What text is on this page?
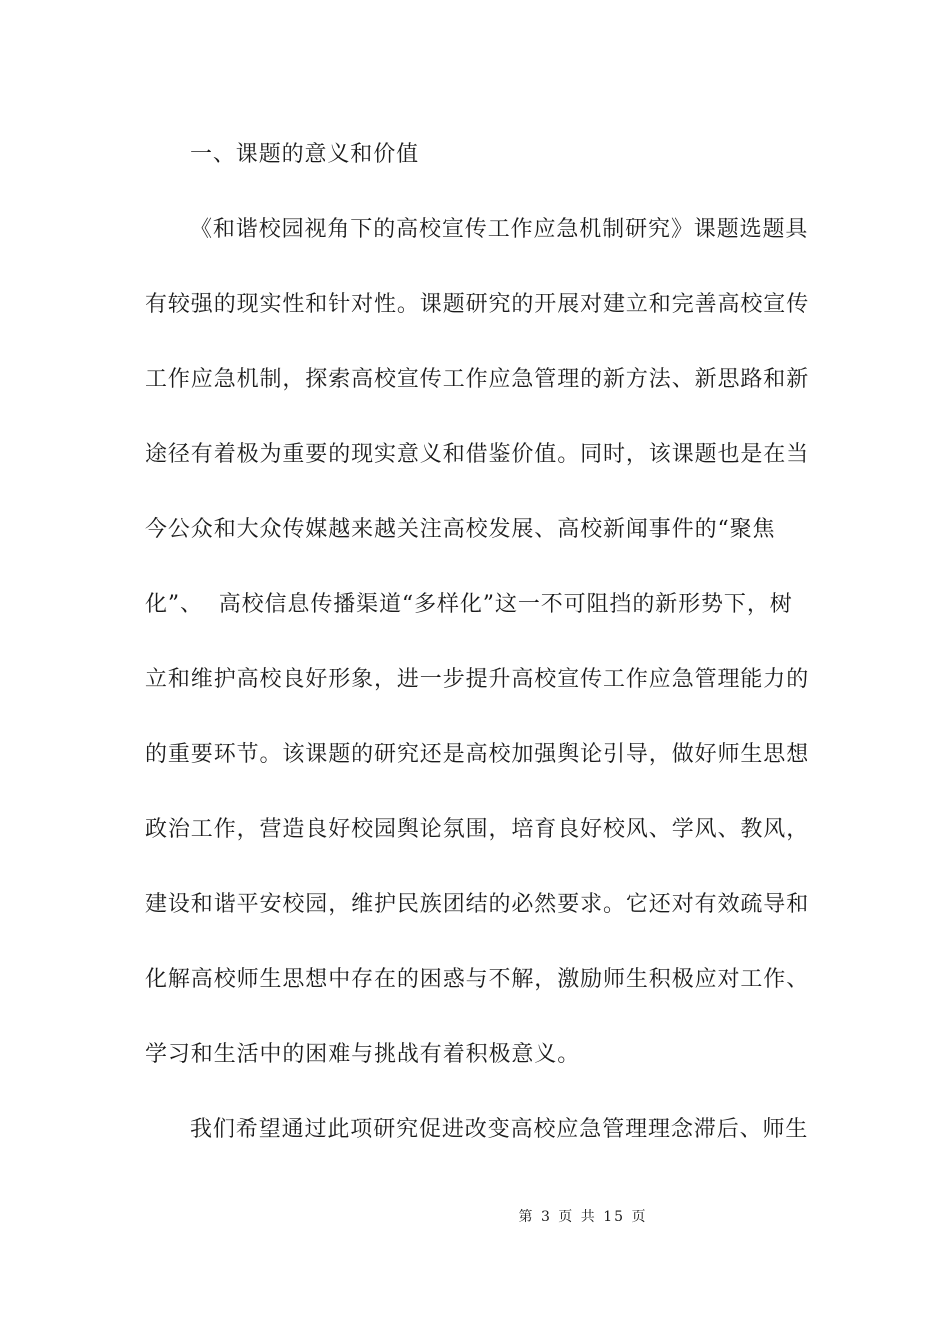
一、课题的意义和价值
《和谐校园视角下的高校宣传工作应急机制研究》课题选题具
有较强的现实性和针对性。课题研究的开展对建立和完善高校宣传
工作应急机制，探索高校宣传工作应急管理的新方法、新思路和新
途径有着极为重要的现实意义和借鉴价值。同时，该课题也是在当
今公众和大众传媒越来越关注高校发展、高校新闻事件的“聚焦
化”、  高校信息传播渠道“多样化”这一不可阻挡的新形势下，树
立和维护高校良好形象，进一步提升高校宣传工作应急管理能力的
的重要环节。该课题的研究还是高校加强舆论引导，做好师生思想
政治工作，营造良好校园舆论氛围，培育良好校风、学风、教风，
建设和谐平安校园，维护民族团结的必然要求。它还对有效疏导和
化解高校师生思想中存在的困惑与不解，激励师生积极应对工作、
学习和生活中的困难与挑战有着积极意义。
我们希望通过此项研究促进改变高校应急管理理念滞后、师生
第 3 页 共 15 页
